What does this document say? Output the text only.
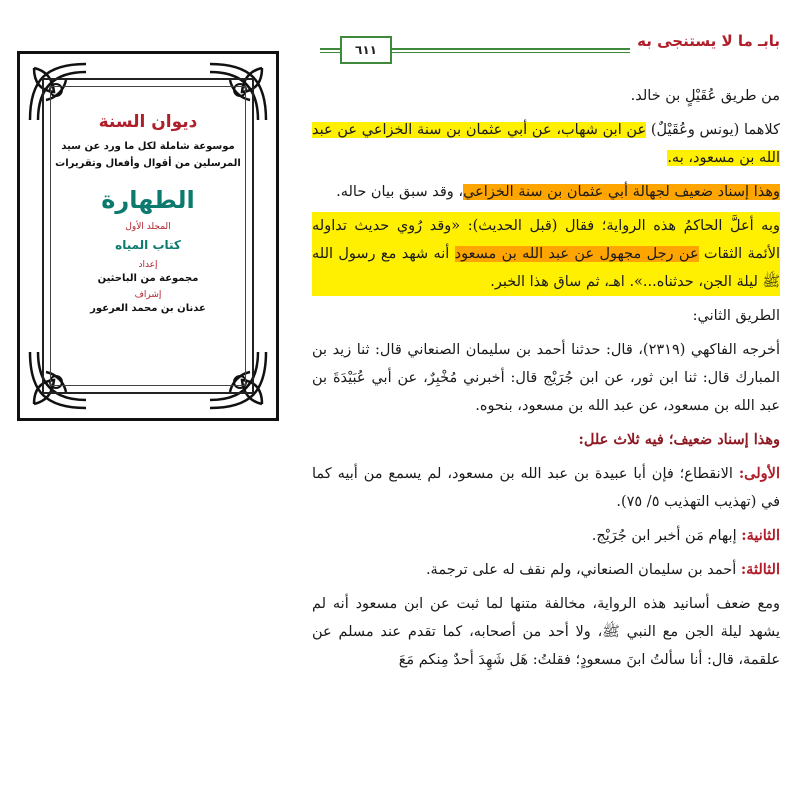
ديوان السنة

موسوعة شاملة لكل ما ورد عن سيد

المرسلين من أقوال وأفعال وتقريرات

الطهارة

المجلد الأول

كتاب المياه

إعداد

مجموعة من الباحثين

إشراف

عدنان بن محمد العرعور

بابـ ما لا يستنجى به
٦١١

من طريق عُقَيْلٍ بن خالد.

كلاهما (يونس وعُقَيْلٌ) عن ابن شهاب، عن أبي عثمان بن سنة الخزاعي عن عبد الله بن مسعود، به.

وهذا إسناد ضعيف لجهالة أبي عثمان بن سنة الخزاعي، وقد سبق بيان حاله.

وبه أعلَّ الحاكمُ هذه الرواية؛ فقال (قبل الحديث): «وقد رُوي حديث تداوله الأئمة الثقات عن رجل مجهول عن عبد الله بن مسعود أنه شهد مع رسول الله ﷺ ليلة الجن، حدثناه...». اهـ، ثم ساق هذا الخبر.

الطريق الثاني:

أخرجه الفاكهي (٢٣١٩)، قال: حدثنا أحمد بن سليمان الصنعاني قال: ثنا زيد بن المبارك قال: ثنا ابن ثور، عن ابن جُرَيْج قال: أخبرني مُخْبِرٌ، عن أبي عُبَيْدَةَ بن عبد الله بن مسعود، عن عبد الله بن مسعود، بنحوه.

وهذا إسناد ضعيف؛ فيه ثلاث علل:

الأولى: الانقطاع؛ فإن أبا عبيدة بن عبد الله بن مسعود، لم يسمع من أبيه كما في (تهذيب التهذيب ٥/ ٧٥).

الثانية: إبهام مَن أخبر ابن جُرَيْج.

الثالثة: أحمد بن سليمان الصنعاني، ولم نقف له على ترجمة.

ومع ضعف أسانيد هذه الرواية، مخالفة متنها لما ثبت عن ابن مسعود أنه لم يشهد ليلة الجن مع النبي ﷺ، ولا أحد من أصحابه، كما تقدم عند مسلم عن علقمة، قال: أنا سألتُ ابنَ مسعودٍ؛ فقلتُ: هَل شَهِدَ أحدٌ مِنكم مَعَ
